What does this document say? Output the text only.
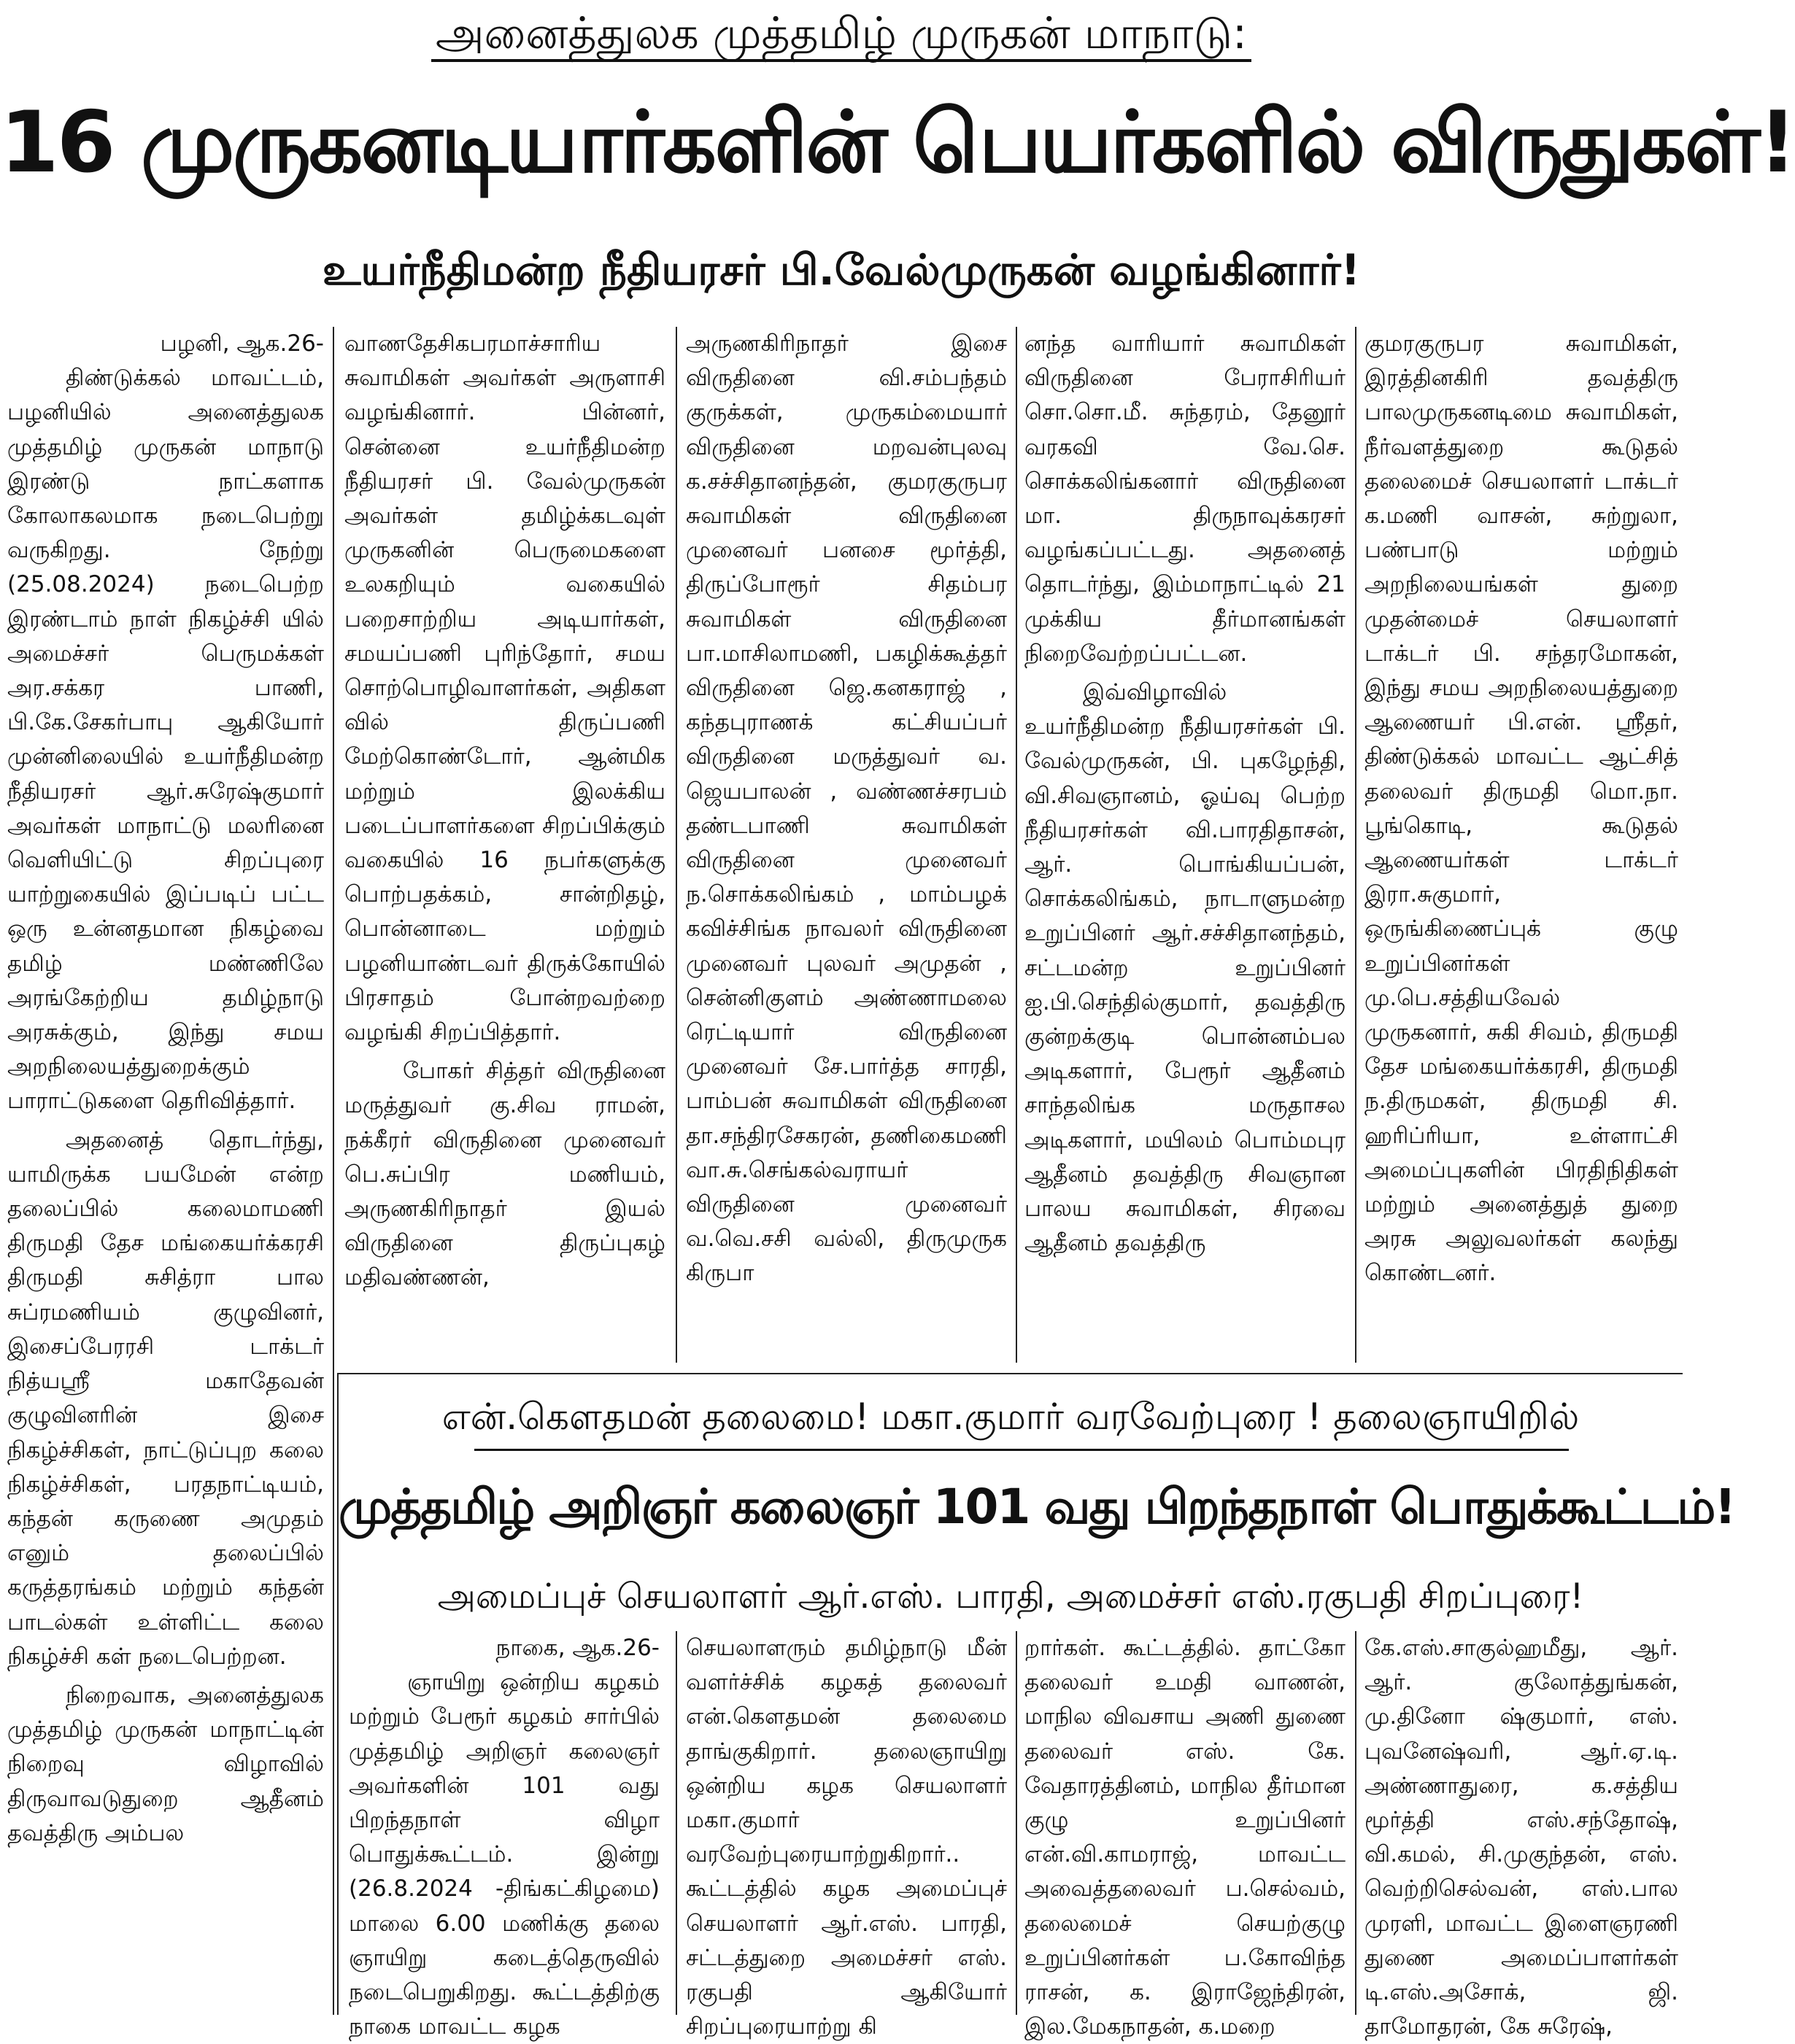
அனைத்துலக முத்தமிழ் முருகன் மாநாடு:
16 முருகனடியார்களின் பெயர்களில் விருதுகள்!
உயர்நீதிமன்ற நீதியரசர் பி.வேல்முருகன் வழங்கினார்!
பழனி, ஆக.26-

திண்டுக்கல் மாவட்டம், பழனியில் அனைத்துலக முத்தமிழ் முருகன் மாநாடு இரண்டு நாட்களாக கோலாகலமாக நடைபெற்று வருகிறது. நேற்று (25.08.2024) நடைபெற்ற இரண்டாம் நாள் நிகழ்ச்சி யில் அமைச்சர் பெருமக்கள் அர.சக்கர பாணி, பி.கே.சேகர்பாபு ஆகியோர் முன்னிலையில் உயர்நீதிமன்ற நீதியரசர் ஆர்.சுரேஷ்குமார் அவர்கள் மாநாட்டு மலரினை வெளியிட்டு சிறப்புரை யாற்றுகையில் இப்படிப் பட்ட ஒரு உன்னதமான நிகழ்வை தமிழ் மண்ணிலே அரங்கேற்றிய தமிழ்நாடு அரசுக்கும், இந்து சமய அறநிலையத்துறைக்கும் பாராட்டுகளை தெரிவித்தார்.

அதனைத் தொடர்ந்து, யாமிருக்க பயமேன் என்ற தலைப்பில் கலைமாமணி திருமதி தேச மங்கையர்க்கரசி திருமதி சுசித்ரா பால சுப்ரமணியம் குழுவினர், இசைப்பேரரசி டாக்டர் நித்யஸ்ரீ மகாதேவன் குழுவினரின் இசை நிகழ்ச்சிகள், நாட்டுப்புற கலை நிகழ்ச்சிகள், பரதநாட்டியம், கந்தன் கருணை அமுதம் எனும் தலைப்பில் கருத்தரங்கம் மற்றும் கந்தன் பாடல்கள் உள்ளிட்ட கலை நிகழ்ச்சி கள் நடைபெற்றன.

நிறைவாக, அனைத்துலக முத்தமிழ் முருகன் மாநாட்டின் நிறைவு விழாவில் திருவாவடுதுறை ஆதீனம் தவத்திரு அம்பல

வாணதேசிகபரமாச்சாரிய சுவாமிகள் அவர்கள் அருளாசி வழங்கினார். பின்னர், சென்னை உயர்நீதிமன்ற நீதியரசர் பி. வேல்முருகன் அவர்கள் தமிழ்க்கடவுள் முருகனின் பெருமைகளை உலகறியும் வகையில் பறைசாற்றிய அடியார்கள், சமயப்பணி புரிந்தோர், சமய சொற்பொழிவாளர்கள், அதிகள வில் திருப்பணி மேற்கொண்டோர், ஆன்மிக மற்றும் இலக்கிய படைப்பாளர்களை சிறப்பிக்கும் வகையில் 16 நபர்களுக்கு பொற்பதக்கம், சான்றிதழ், பொன்னாடை மற்றும் பழனியாண்டவர் திருக்கோயில் பிரசாதம் போன்றவற்றை வழங்கி சிறப்பித்தார்.

போகர் சித்தர் விருதினை மருத்துவர் கு.சிவ ராமன், நக்கீரர் விருதினை முனைவர் பெ.சுப்பிர மணியம், அருணகிரிநாதர் இயல் விருதினை திருப்புகழ் மதிவண்ணன்,

அருணகிரிநாதர் இசை விருதினை வி.சம்பந்தம் குருக்கள், முருகம்மையார் விருதினை மறவன்புலவு க.சச்சிதானந்தன், குமரகுருபர சுவாமிகள் விருதினை முனைவர் பனசை மூர்த்தி, திருப்போரூர் சிதம்பர சுவாமிகள் விருதினை பா.மாசிலாமணி, பகழிக்கூத்தர் விருதினை ஜெ.கனகராஜ் , கந்தபுராணக் கட்சியப்பர் விருதினை மருத்துவர் வ. ஜெயபாலன் , வண்ணச்சரபம் தண்டபாணி சுவாமிகள் விருதினை முனைவர் ந.சொக்கலிங்கம் , மாம்பழக் கவிச்சிங்க நாவலர் விருதினை முனைவர் புலவர் அமுதன் , சென்னிகுளம் அண்ணாமலை ரெட்டியார் விருதினை முனைவர் சே.பார்த்த சாரதி, பாம்பன் சுவாமிகள் விருதினை தா.சந்திரசேகரன், தணிகைமணி வா.சு.செங்கல்வராயர் விருதினை முனைவர் வ.வெ.சசி வல்லி, திருமுருக கிருபா

னந்த வாரியார் சுவாமிகள் விருதினை பேராசிரியர் சொ.சொ.மீ. சுந்தரம், தேனூர் வரகவி வே.செ. சொக்கலிங்கனார் விருதினை மா. திருநாவுக்கரசர் வழங்கப்பட்டது. அதனைத் தொடர்ந்து, இம்மாநாட்டில் 21 முக்கிய தீர்மானங்கள் நிறைவேற்றப்பட்டன.

இவ்விழாவில் உயர்நீதிமன்ற நீதியரசர்கள் பி. வேல்முருகன், பி. புகழேந்தி, வி.சிவஞானம், ஓய்வு பெற்ற நீதியரசர்கள் வி.பாரதிதாசன், ஆர். பொங்கியப்பன், சொக்கலிங்கம், நாடாளுமன்ற உறுப்பினர் ஆர்.சச்சிதானந்தம், சட்டமன்ற உறுப்பினர் ஐ.பி.செந்தில்குமார், தவத்திரு குன்றக்குடி பொன்னம்பல அடிகளார், பேரூர் ஆதீனம் சாந்தலிங்க மருதாசல அடிகளார், மயிலம் பொம்மபுர ஆதீனம் தவத்திரு சிவஞான பாலய சுவாமிகள், சிரவை ஆதீனம் தவத்திரு

குமரகுருபர சுவாமிகள், இரத்தினகிரி தவத்திரு பாலமுருகனடிமை சுவாமிகள், நீர்வளத்துறை கூடுதல் தலைமைச் செயலாளர் டாக்டர் க.மணி வாசன், சுற்றுலா, பண்பாடு மற்றும் அறநிலையங்கள் துறை முதன்மைச் செயலாளர் டாக்டர் பி. சந்தரமோகன், இந்து சமய அறநிலையத்துறை ஆணையர் பி.என். ஸ்ரீதர், திண்டுக்கல் மாவட்ட ஆட்சித் தலைவர் திருமதி மொ.நா. பூங்கொடி, கூடுதல் ஆணையர்கள் டாக்டர் இரா.சுகுமார், ஒருங்கிணைப்புக் குழு உறுப்பினர்கள் மு.பெ.சத்தியவேல் முருகனார், சுகி சிவம், திருமதி தேச மங்கையர்க்கரசி, திருமதி ந.திருமகள், திருமதி சி. ஹரிப்ரியா, உள்ளாட்சி அமைப்புகளின் பிரதிநிதிகள் மற்றும் அனைத்துத் துறை அரசு அலுவலர்கள் கலந்து கொண்டனர்.

என்.கௌதமன் தலைமை! மகா.குமார் வரவேற்புரை ! தலைஞாயிறில்
முத்தமிழ் அறிஞர் கலைஞர் 101 வது பிறந்தநாள் பொதுக்கூட்டம்!
அமைப்புச் செயலாளர் ஆர்.எஸ். பாரதி, அமைச்சர் எஸ்.ரகுபதி சிறப்புரை!
நாகை, ஆக.26-

ஞாயிறு ஒன்றிய கழகம் மற்றும் பேரூர் கழகம் சார்பில் முத்தமிழ் அறிஞர் கலைஞர் அவர்களின் 101 வது பிறந்தநாள் விழா பொதுக்கூட்டம். இன்று (26.8.2024 -திங்கட்கிழமை) மாலை 6.00 மணிக்கு தலை ஞாயிறு கடைத்தெருவில் நடைபெறுகிறது. கூட்டத்திற்கு நாகை மாவட்ட கழக

செயலாளரும் தமிழ்நாடு மீன் வளர்ச்சிக் கழகத் தலைவர் என்.கௌதமன் தலைமை தாங்குகிறார். தலைஞாயிறு ஒன்றிய கழக செயலாளர் மகா.குமார் வரவேற்புரையாற்றுகிறார்.. கூட்டத்தில் கழக அமைப்புச் செயலாளர் ஆர்.எஸ். பாரதி, சட்டத்துறை அமைச்சர் எஸ். ரகுபதி ஆகியோர் சிறப்புரையாற்று கி

றார்கள். கூட்டத்தில். தாட்கோ தலைவர் உமதி வாணன், மாநில விவசாய அணி துணை தலைவர் எஸ். கே. வேதாரத்தினம், மாநில தீர்மான குழு உறுப்பினர் என்.வி.காமராஜ், மாவட்ட அவைத்தலைவர் ப.செல்வம், தலைமைச் செயற்குழு உறுப்பினர்கள் ப.கோவிந்த ராசன், க. இராஜேந்திரன், இல.மேகநாதன், க.மறை

கே.எஸ்.சாகுல்ஹமீது, ஆர். ஆர். குலோத்துங்கன், மு.தினோ ஷ்குமார், எஸ். புவனேஷ்வரி, ஆர்.ஏ.டி. அண்ணாதுரை, க.சத்திய மூர்த்தி எஸ்.சந்தோஷ், வி.கமல், சி.முகுந்தன், எஸ். வெற்றிசெல்வன், எஸ்.பால முரளி, மாவட்ட இளைஞரணி துணை அமைப்பாளர்கள் டி.எஸ்.அசோக், ஜி. தாமோதரன், கே சுரேஷ்,
